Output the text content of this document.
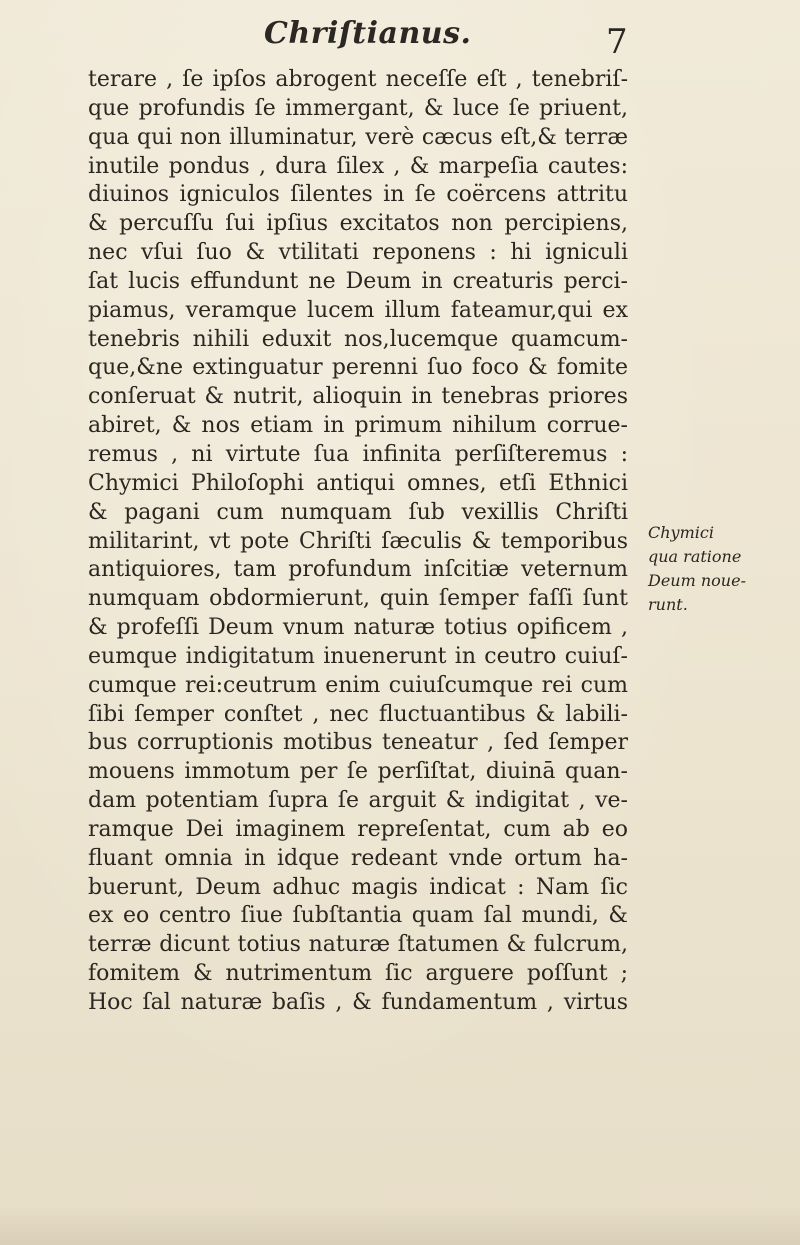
Chriſtianus.	7
terare , ſe ipſos abrogent neceſſe eſt , tenebriſ-
que profundis ſe immergant, & luce ſe priuent,
qua qui non illuminatur, verè cæcus eſt,& terræ
inutile pondus , dura ſilex , & marpeſia cautes:
diuinos igniculos ſilentes in ſe coërcens attritu
& percuſſu ſui ipſius excitatos non percipiens,
nec vſui ſuo & vtilitati reponens : hi igniculi
ſat lucis effundunt ne Deum in creaturis perci-
piamus, veramque lucem illum fateamur,qui ex
tenebris nihili eduxit nos,lucemque quamcum-
que,&ne extinguatur perenni ſuo foco & fomite
conſeruat & nutrit, alioquin in tenebras priores
abiret, & nos etiam in primum nihilum corrue-
remus , ni virtute ſua infinita perſiſteremus :
Chymici Philoſophi antiqui omnes, etſi Ethnici
& pagani cum numquam ſub vexillis Chriſti
militarint, vt pote Chriſti ſæculis & temporibus
antiquiores, tam profundum inſcitiæ veternum
numquam obdormierunt, quin ſemper faſſi ſunt
& profeſſi Deum vnum naturæ totius opificem ,
eumque indigitatum inuenerunt in ceutro cuiuſ-
cumque rei:ceutrum enim cuiuſcumque rei cum
ſibi ſemper conſtet , nec fluctuantibus & labili-
bus corruptionis motibus teneatur , ſed ſemper
mouens immotum per ſe perſiſtat, diuinā quan-
dam potentiam ſupra ſe arguit & indigitat , ve-
ramque Dei imaginem repreſentat, cum ab eo
fluant omnia in idque redeant vnde ortum ha-
buerunt, Deum adhuc magis indicat : Nam ſic
ex eo centro ſiue ſubſtantia quam ſal mundi, &
terræ dicunt totius naturæ ſtatumen & fulcrum,
fomitem & nutrimentum ſic arguere poſſunt ;
Hoc ſal naturæ baſis , & fundamentum , virtus
Chymici
qua ratione
Deum noue-
runt.
